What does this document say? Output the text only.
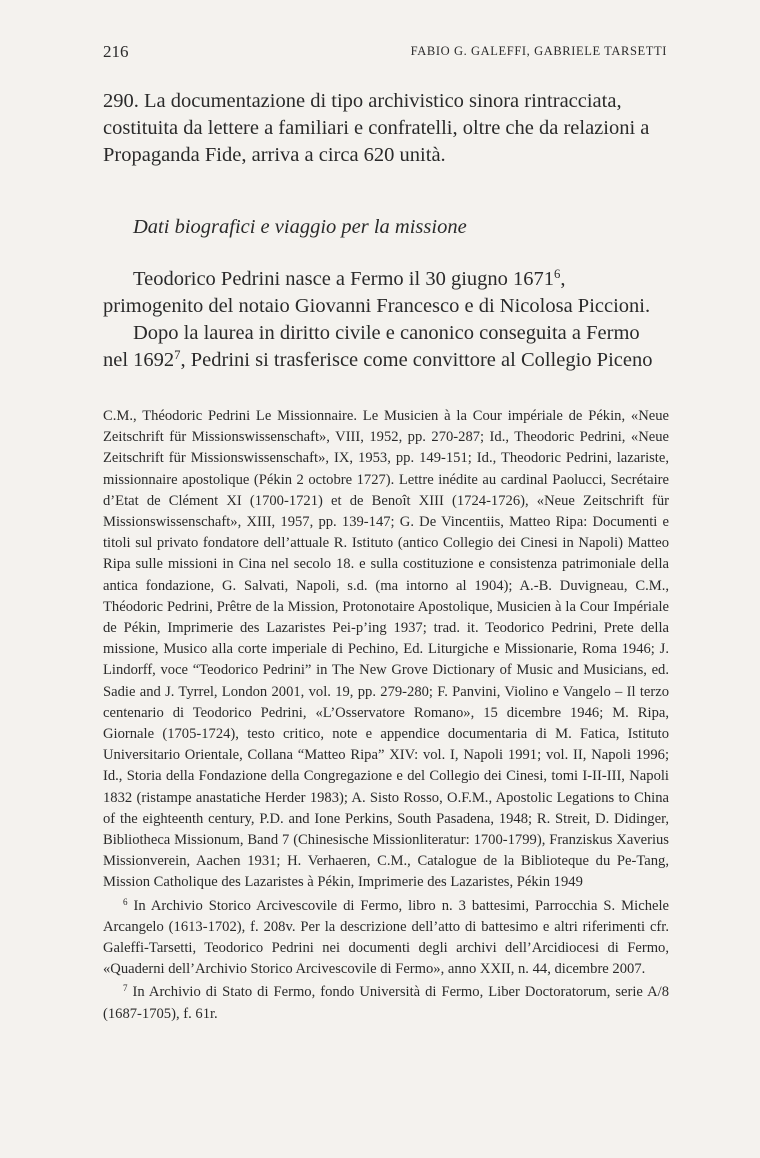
216	FABIO G. GALEFFI, GABRIELE TARSETTI

290. La documentazione di tipo archivistico sinora rintracciata, costituita da lettere a familiari e confratelli, oltre che da relazioni a Propaganda Fide, arriva a circa 620 unità.

Dati biografici e viaggio per la missione

Teodorico Pedrini nasce a Fermo il 30 giugno 1671$^6$, primogenito del notaio Giovanni Francesco e di Nicolosa Piccioni.

Dopo la laurea in diritto civile e canonico conseguita a Fermo nel 1692$^7$, Pedrini si trasferisce come convittore al Collegio Piceno

C.M., Théodoric Pedrini Le Missionnaire. Le Musicien à la Cour impériale de Pékin, «Neue Zeitschrift für Missionswissenschaft», VIII, 1952, pp. 270-287; Id., Theodoric Pedrini, «Neue Zeitschrift für Missionswissenschaft», IX, 1953, pp. 149-151; Id., Theodoric Pedrini, lazariste, missionnaire apostolique (Pékin 2 octobre 1727). Lettre inédite au cardinal Paolucci, Secrétaire d’Etat de Clément XI (1700-1721) et de Benoît XIII (1724-1726), «Neue Zeitschrift für Missionswissenschaft», XIII, 1957, pp. 139-147; G. De Vincentiis, Matteo Ripa: Documenti e titoli sul privato fondatore dell’attuale R. Istituto (antico Collegio dei Cinesi in Napoli) Matteo Ripa sulle missioni in Cina nel secolo 18. e sulla costituzione e consistenza patrimoniale della antica fondazione, G. Salvati, Napoli, s.d. (ma intorno al 1904); A.-B. Duvigneau, C.M., Théodoric Pedrini, Prêtre de la Mission, Protonotaire Apostolique, Musicien à la Cour Impériale de Pékin, Imprimerie des Lazaristes Pei-p’ing 1937; trad. it. Teodorico Pedrini, Prete della missione, Musico alla corte imperiale di Pechino, Ed. Liturgiche e Missionarie, Roma 1946; J. Lindorff, voce “Teodorico Pedrini” in The New Grove Dictionary of Music and Musicians, ed. Sadie and J. Tyrrel, London 2001, vol. 19, pp. 279-280; F. Panvini, Violino e Vangelo – Il terzo centenario di Teodorico Pedrini, «L’Osservatore Romano», 15 dicembre 1946; M. Ripa, Giornale (1705-1724), testo critico, note e appendice documentaria di M. Fatica, Istituto Universitario Orientale, Collana “Matteo Ripa” XIV: vol. I, Napoli 1991; vol. II, Napoli 1996; Id., Storia della Fondazione della Congregazione e del Collegio dei Cinesi, tomi I-II-III, Napoli 1832 (ristampe anastatiche Herder 1983); A. Sisto Rosso, O.F.M., Apostolic Legations to China of the eighteenth century, P.D. and Ione Perkins, South Pasadena, 1948; R. Streit, D. Didinger, Bibliotheca Missionum, Band 7 (Chinesische Missionliteratur: 1700-1799), Franziskus Xaverius Missionverein, Aachen 1931; H. Verhaeren, C.M., Catalogue de la Biblioteque du Pe-Tang, Mission Catholique des Lazaristes à Pékin, Imprimerie des Lazaristes, Pékin 1949

$^6$ In Archivio Storico Arcivescovile di Fermo, libro n. 3 battesimi, Parrocchia S. Michele Arcangelo (1613-1702), f. 208v. Per la descrizione dell’atto di battesimo e altri riferimenti cfr. Galeffi-Tarsetti, Teodorico Pedrini nei documenti degli archivi dell’Arcidiocesi di Fermo, «Quaderni dell’Archivio Storico Arcivescovile di Fermo», anno XXII, n. 44, dicembre 2007.

$^7$ In Archivio di Stato di Fermo, fondo Università di Fermo, Liber Doctoratorum, serie A/8 (1687-1705), f. 61r.
